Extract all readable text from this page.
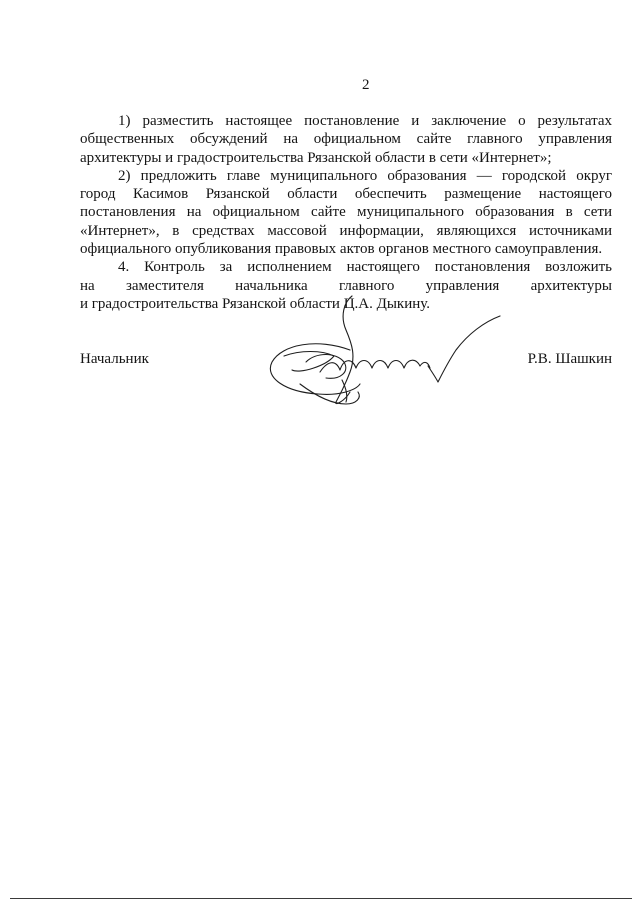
2
1) разместить настоящее постановление и заключение о результатах
общественных обсуждений на официальном сайте главного управления
архитектуры и градостроительства Рязанской области в сети «Интернет»;
2) предложить главе муниципального образования — городской округ
город Касимов Рязанской области обеспечить размещение настоящего
постановления на официальном сайте муниципального образования в сети
«Интернет», в средствах массовой информации, являющихся источниками
официального опубликования правовых актов органов местного самоуправления.
4. Контроль за исполнением настоящего постановления возложить
на заместителя начальника главного управления архитектуры
и градостроительства Рязанской области Ц.А. Дыкину.
Начальник	Р.В. Шашкин
